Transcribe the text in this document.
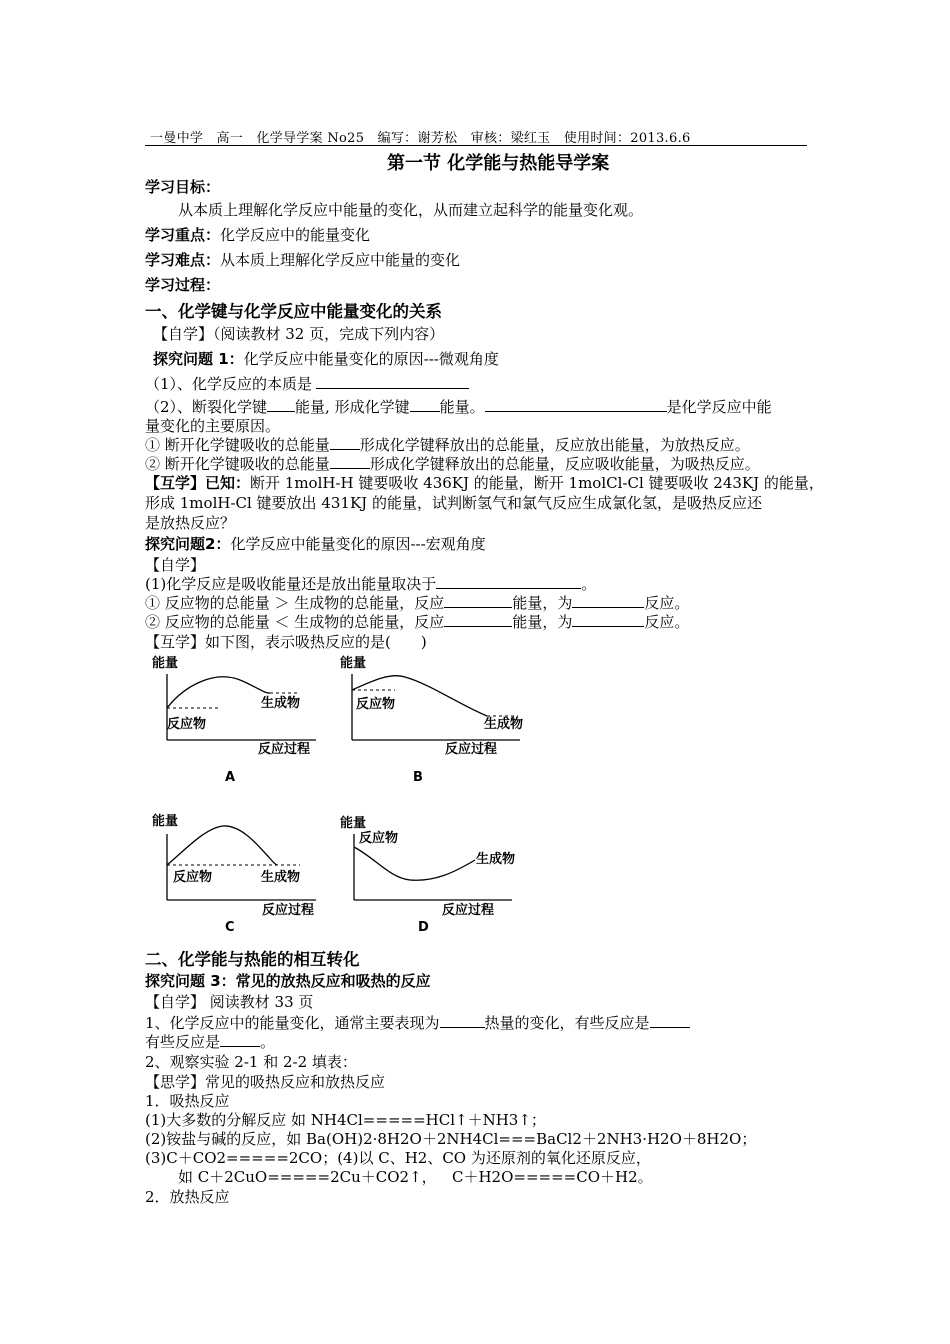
一曼中学　高一　化学导学案 No25　编写：谢芳松　审核：梁红玉　使用时间：2013.6.6
第一节 化学能与热能导学案
学习目标：
从本质上理解化学反应中能量的变化，从而建立起科学的能量变化观。
学习重点：化学反应中的能量变化
学习难点：从本质上理解化学反应中能量的变化
学习过程：
一、化学键与化学反应中能量变化的关系
【自学】（阅读教材 32 页，完成下列内容）
探究问题 1：化学反应中能量变化的原因---微观角度
（1）、化学反应的本质是
（2）、断裂化学键 能量, 形成化学键 能量。	是化学反应中能
量变化的主要原因。
① 断开化学键吸收的总能量 形成化学键释放出的总能量，反应放出能量，为放热反应。
② 断开化学键吸收的总能量	形成化学键释放出的总能量，反应吸收能量，为吸热反应。
【互学】已知：断开 1molH-H 键要吸收 436KJ 的能量，断开 1molCl-Cl 键要吸收 243KJ 的能量，
形成 1molH-Cl 键要放出 431KJ 的能量，试判断氢气和氯气反应生成氯化氢，是吸热反应还
是放热反应？
探究问题2：化学反应中能量变化的原因---宏观角度
【自学】
(1)化学反应是吸收能量还是放出能量取决于	。
① 反应物的总能量 ＞ 生成物的总能量，反应	能量，为	反应。
② 反应物的总能量 ＜ 生成物的总能量，反应	能量，为	反应。
【互学】如下图，表示吸热反应的是(　　)
能量
反应物
生成物
反应过程
A
能量
反应物
生成物
反应过程
B
能量
反应物	生成物
反应过程
C
能量
反应物
生成物
反应过程
D
二、化学能与热能的相互转化
探究问题 3：常见的放热反应和吸热的反应
【自学】 阅读教材 33 页
1、化学反应中的能量变化，通常主要表现为	热量的变化，有些反应是
有些反应是	。
2、观察实验 2-1 和 2-2 填表：
【思学】常见的吸热反应和放热反应
1．吸热反应
(1)大多数的分解反应 如 NH4Cl=====HCl↑＋NH3↑；
(2)铵盐与碱的反应，如 Ba(OH)2·8H2O＋2NH4Cl===BaCl2＋2NH3·H2O＋8H2O；
(3)C＋CO2=====2CO；(4)以 C、H2、CO 为还原剂的氧化还原反应，
如 C＋2CuO=====2Cu＋CO2↑， C＋H2O=====CO＋H2。
2．放热反应
